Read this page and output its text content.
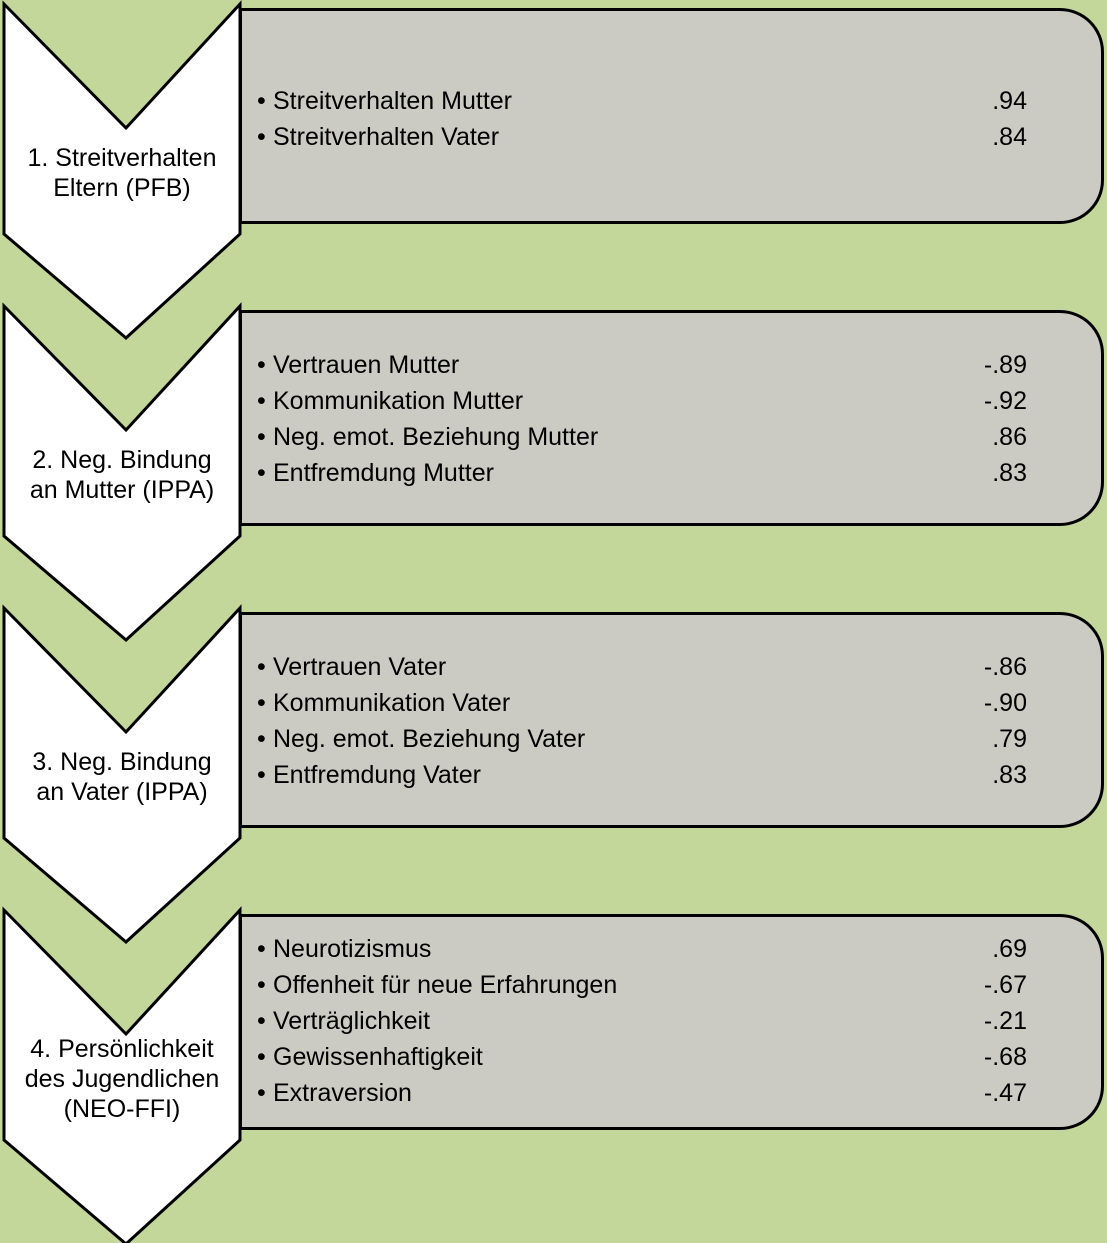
1. Streitverhalten
Eltern (PFB)
• Streitverhalten Mutter	.94
• Streitverhalten Vater	.84
2. Neg. Bindung
an Mutter (IPPA)
• Vertrauen Mutter	-.89
• Kommunikation Mutter	-.92
• Neg. emot. Beziehung Mutter	.86
• Entfremdung Mutter	.83
3. Neg. Bindung
an Vater (IPPA)
• Vertrauen Vater	-.86
• Kommunikation Vater	-.90
• Neg. emot. Beziehung Vater	.79
• Entfremdung Vater	.83
4. Persönlichkeit
des Jugendlichen
(NEO-FFI)
• Neurotizismus	.69
• Offenheit für neue Erfahrungen	-.67
• Verträglichkeit	-.21
• Gewissenhaftigkeit	-.68
• Extraversion	-.47
